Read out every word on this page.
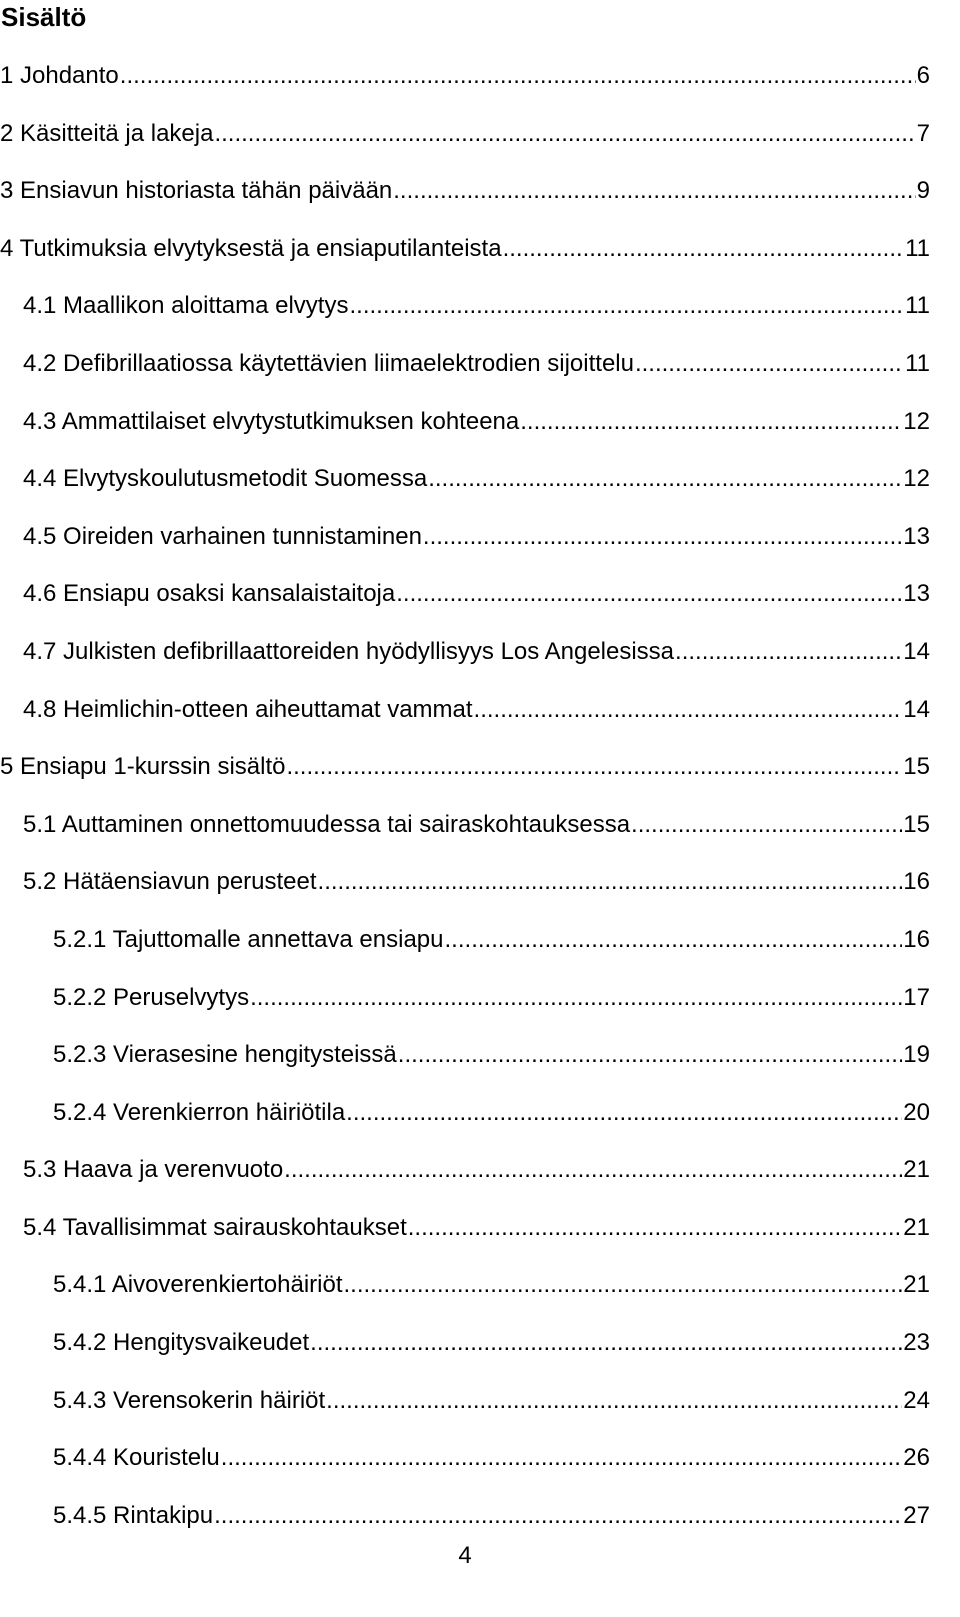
Sisältö
1 Johdanto .....	6
2 Käsitteitä ja lakeja .....	7
3 Ensiavun historiasta tähän päivään .....	9
4 Tutkimuksia elvytyksestä ja ensiaputilanteista .....	11
4.1 Maallikon aloittama elvytys .....	11
4.2 Defibrillaatiossa käytettävien liimaelektrodien sijoittelu .....	11
4.3 Ammattilaiset elvytystutkimuksen kohteena .....	12
4.4 Elvytyskoulutusmetodit Suomessa .....	12
4.5 Oireiden varhainen tunnistaminen .....	13
4.6 Ensiapu osaksi kansalaistaitoja .....	13
4.7 Julkisten defibrillaattoreiden hyödyllisyys Los Angelesissa .....	14
4.8 Heimlichin-otteen aiheuttamat vammat .....	14
5 Ensiapu 1-kurssin sisältö .....	15
5.1 Auttaminen onnettomuudessa tai sairaskohtauksessa .....	15
5.2 Hätäensiavun perusteet .....	16
5.2.1 Tajuttomalle annettava ensiapu .....	16
5.2.2 Peruselvytys .....	17
5.2.3 Vierasesine hengitysteissä .....	19
5.2.4 Verenkierron häiriötila .....	20
5.3 Haava ja verenvuoto .....	21
5.4 Tavallisimmat sairauskohtaukset .....	21
5.4.1 Aivoverenkiertohäiriöt .....	21
5.4.2 Hengitysvaikeudet .....	23
5.4.3 Verensokerin häiriöt .....	24
5.4.4 Kouristelu .....	26
5.4.5 Rintakipu .....	27
4
